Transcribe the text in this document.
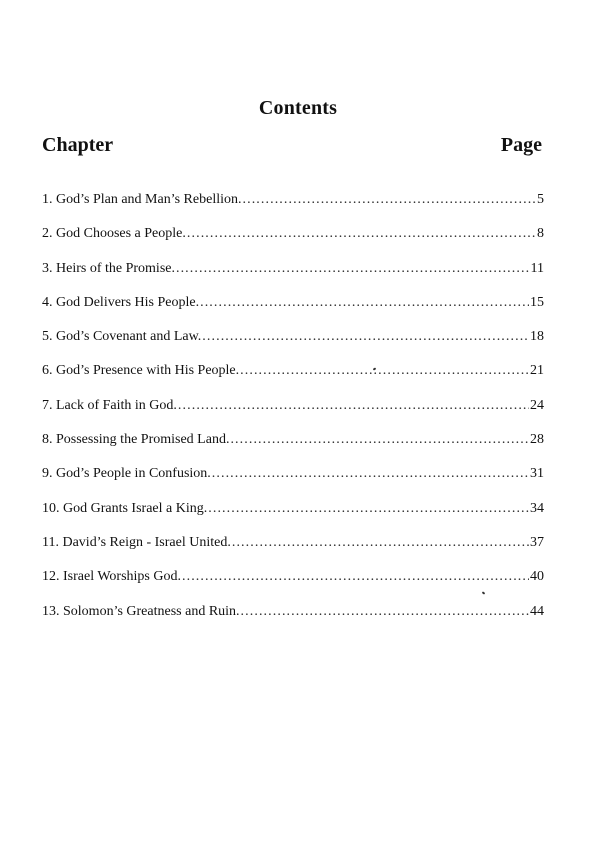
Contents
Chapter	Page
1. God’s Plan and Man’s Rebellion. . . .	5
2. God Chooses a People. . . .	8
3. Heirs of the Promise. . . .	11
4. God Delivers His People. . . .	15
5. God’s Covenant and Law. . . .	18
6. God’s Presence with His People. . . .	21
7. Lack of Faith in God. . . .	24
8. Possessing the Promised Land. . . .	28
9. God’s People in Confusion. . . .	31
10. God Grants Israel a King. . . .	34
11. David’s Reign - Israel United. . . .	37
12. Israel Worships God. . . .	40
13. Solomon’s Greatness and Ruin. . . .	44
